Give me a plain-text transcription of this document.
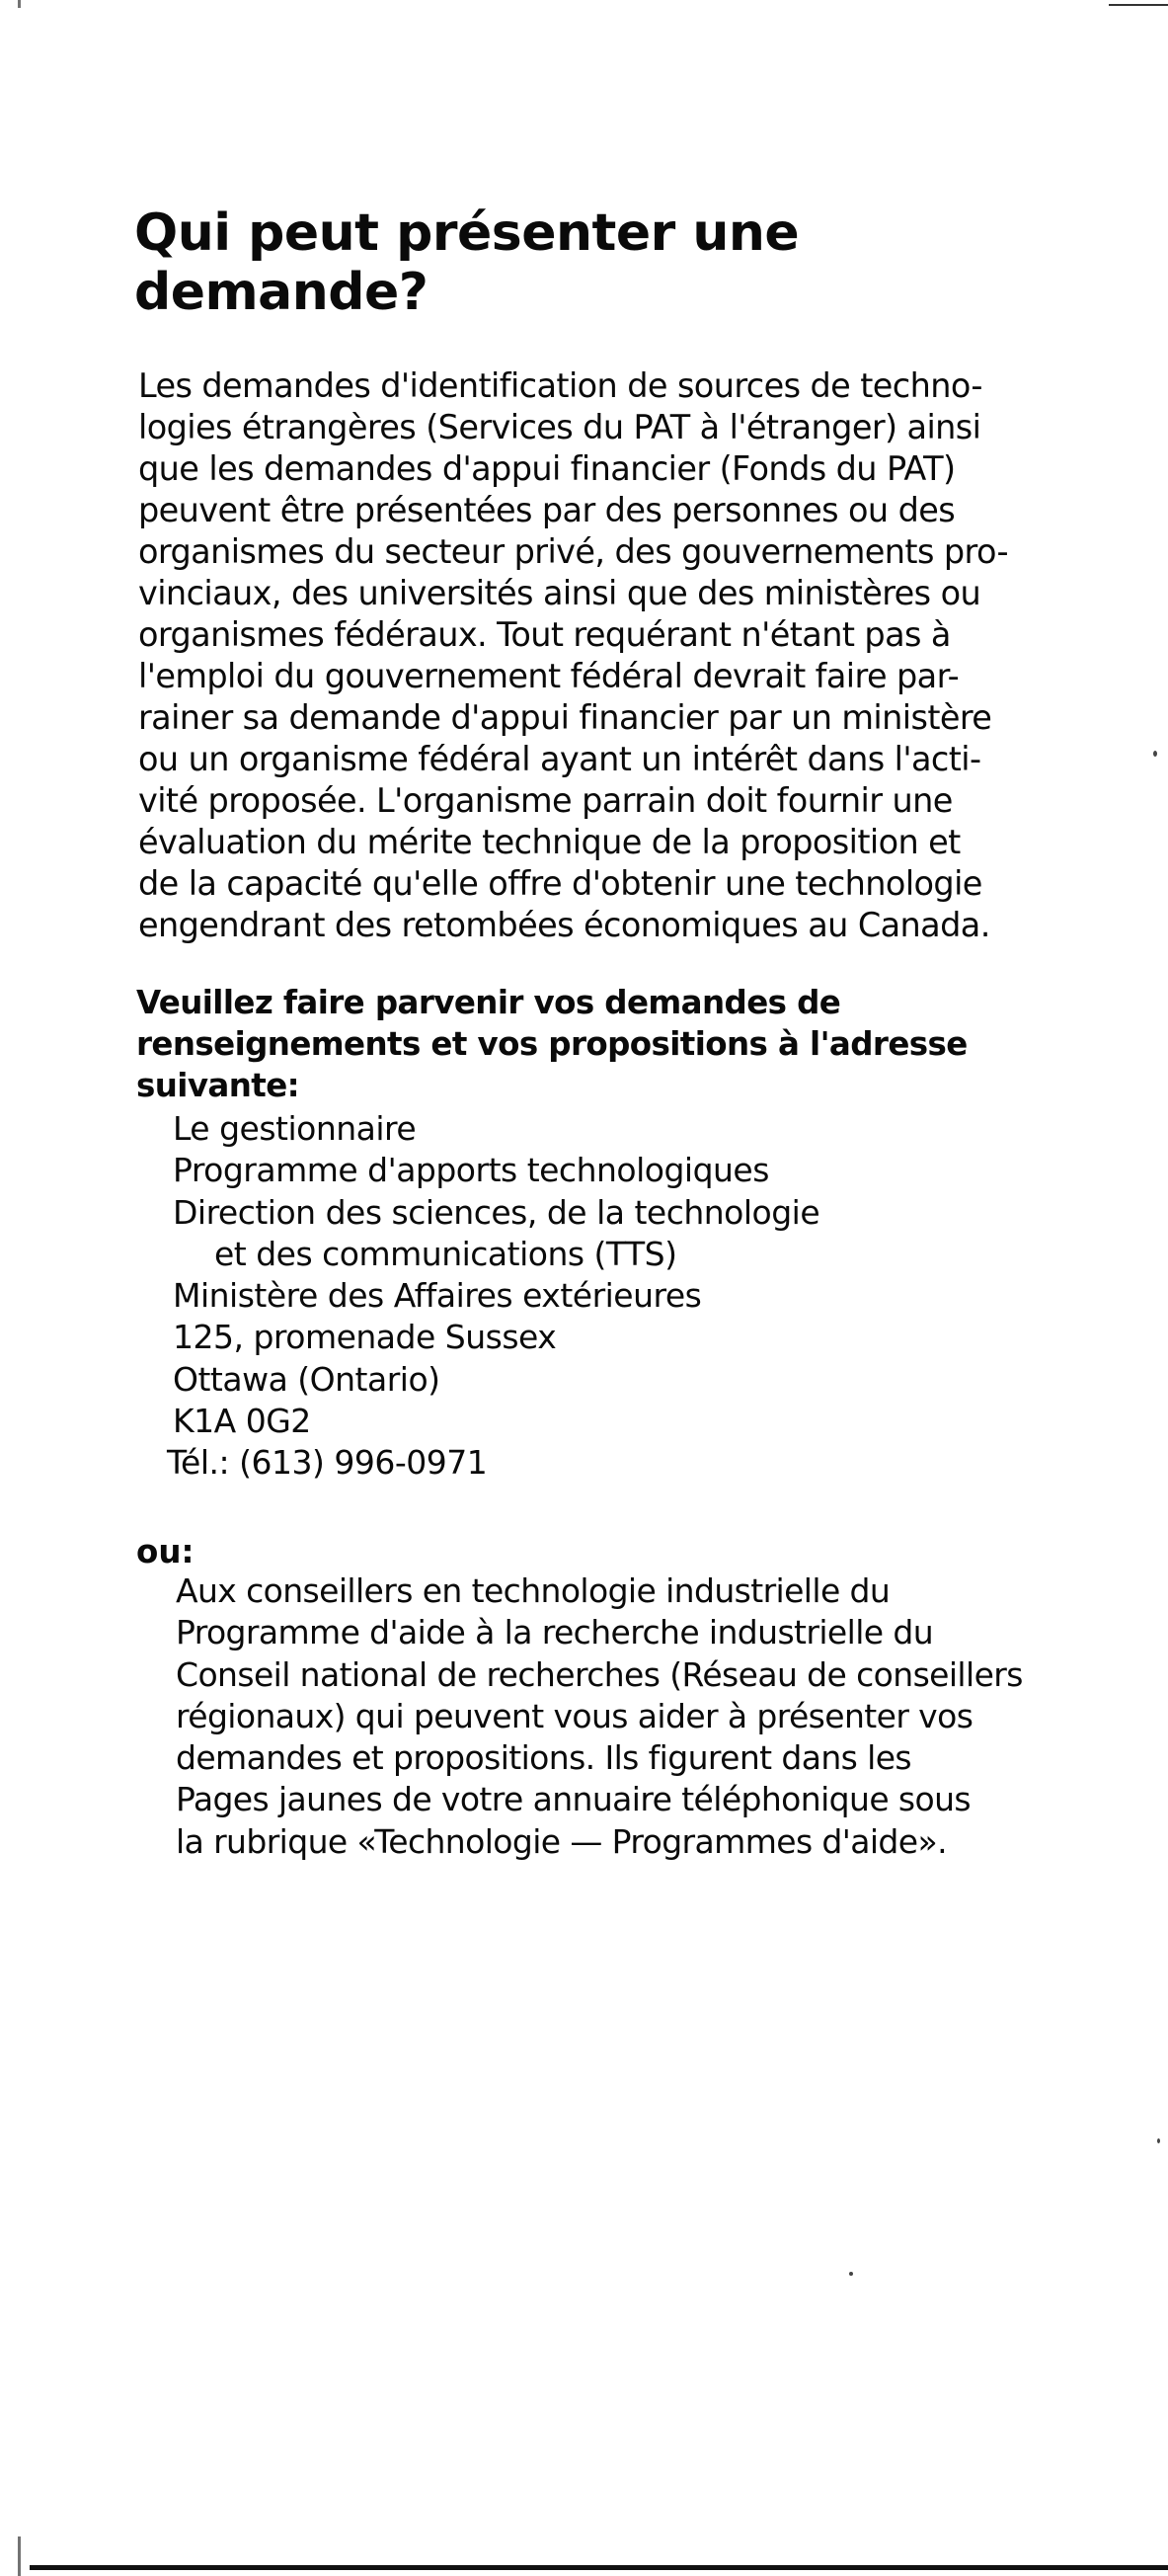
Qui peut présenter une
demande?
Les demandes d'identification de sources de techno-
logies étrangères (Services du PAT à l'étranger) ainsi
que les demandes d'appui financier (Fonds du PAT)
peuvent être présentées par des personnes ou des
organismes du secteur privé, des gouvernements pro-
vinciaux, des universités ainsi que des ministères ou
organismes fédéraux. Tout requérant n'étant pas à
l'emploi du gouvernement fédéral devrait faire par-
rainer sa demande d'appui financier par un ministère
ou un organisme fédéral ayant un intérêt dans l'acti-
vité proposée. L'organisme parrain doit fournir une
évaluation du mérite technique de la proposition et
de la capacité qu'elle offre d'obtenir une technologie
engendrant des retombées économiques au Canada.
Veuillez faire parvenir vos demandes de
renseignements et vos propositions à l'adresse
suivante:
Le gestionnaire
Programme d'apports technologiques
Direction des sciences, de la technologie
et des communications (TTS)
Ministère des Affaires extérieures
125, promenade Sussex
Ottawa (Ontario)
K1A 0G2
Tél.: (613) 996-0971
ou:
Aux conseillers en technologie industrielle du
Programme d'aide à la recherche industrielle du
Conseil national de recherches (Réseau de conseillers
régionaux) qui peuvent vous aider à présenter vos
demandes et propositions. Ils figurent dans les
Pages jaunes de votre annuaire téléphonique sous
la rubrique «Technologie — Programmes d'aide».
